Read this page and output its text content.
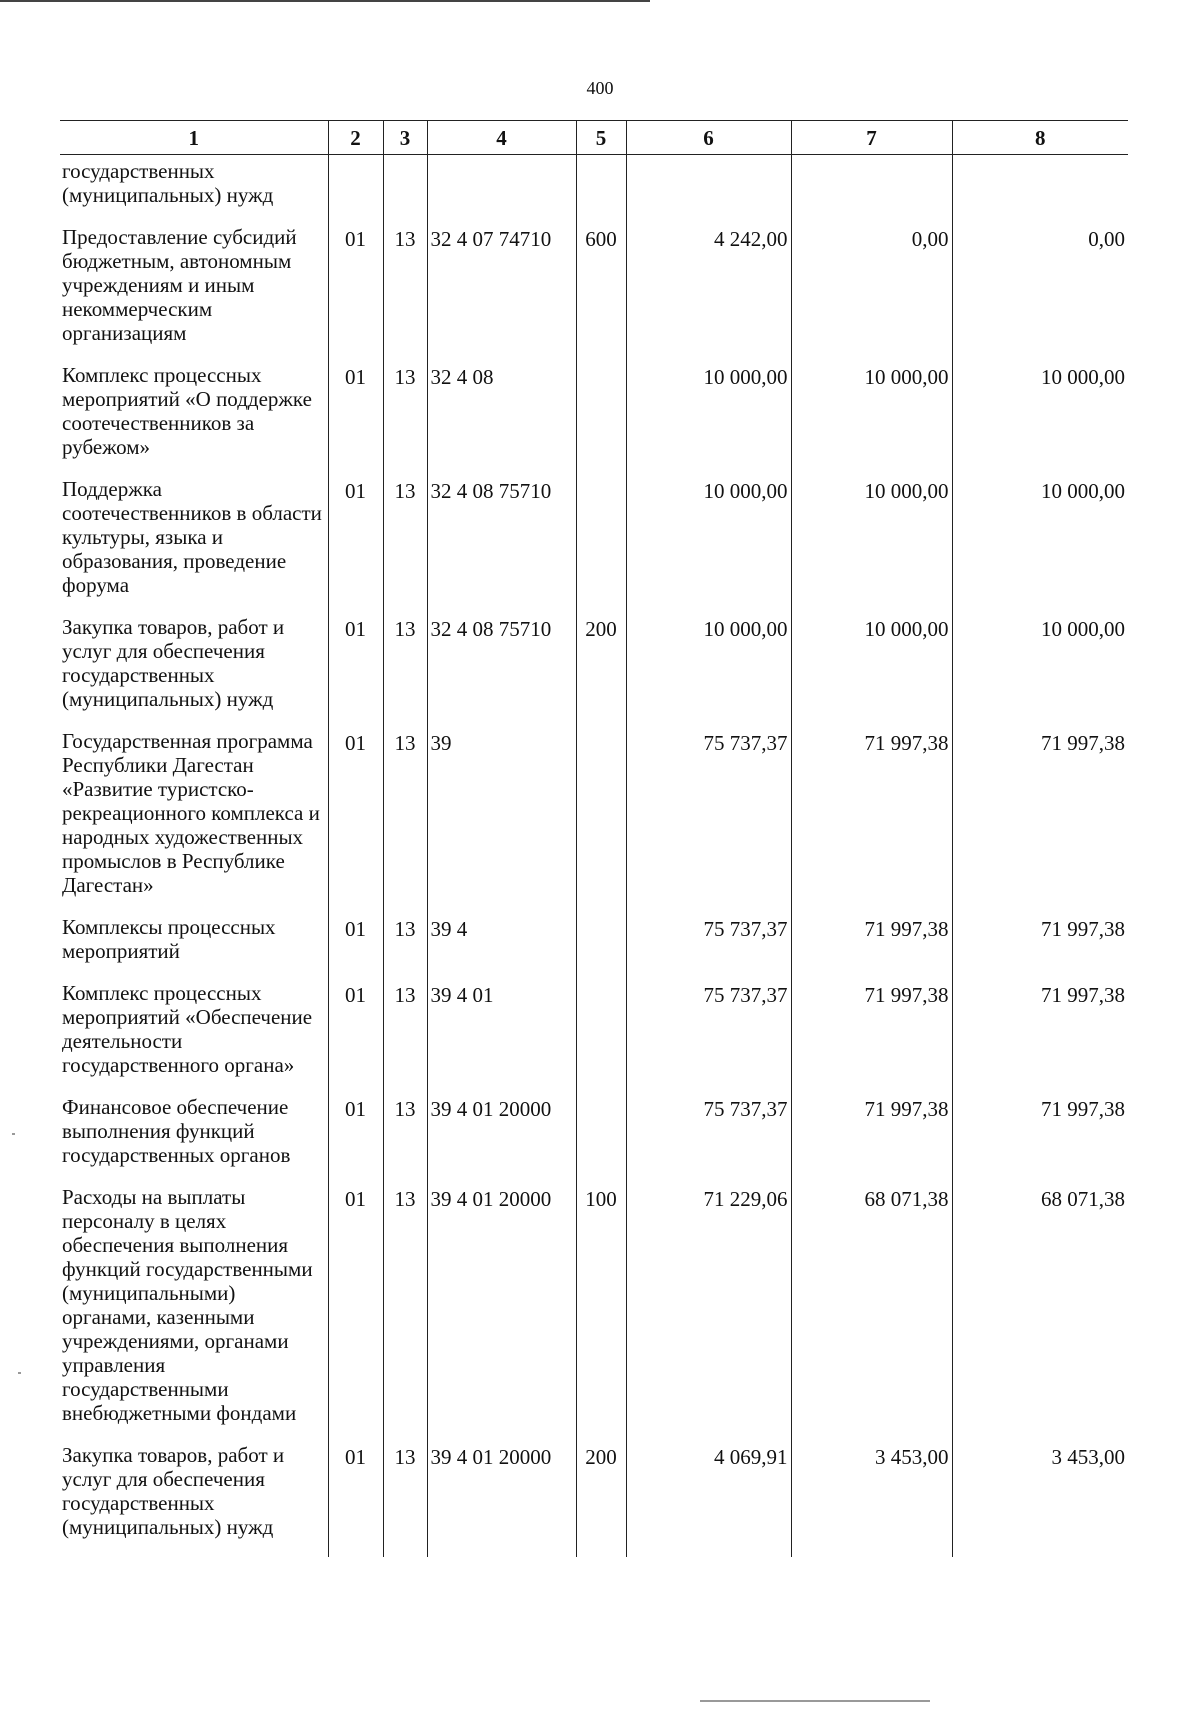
400
1	2	3	4	5	6	7	8
государственных (муниципальных) нужд							
Предоставление субсидий бюджетным, автономным учреждениям и иным некоммерческим организациям	01	13	32 4 07 74710	600	4 242,00	0,00	0,00
Комплекс процессных мероприятий «О поддержке соотечественников за рубежом»	01	13	32 4 08		10 000,00	10 000,00	10 000,00
Поддержка соотечественников в области культуры, языка и образования, проведение форума	01	13	32 4 08 75710		10 000,00	10 000,00	10 000,00
Закупка товаров, работ и услуг для обеспечения государственных (муниципальных) нужд	01	13	32 4 08 75710	200	10 000,00	10 000,00	10 000,00
Государственная программа Республики Дагестан «Развитие туристско-рекреационного комплекса и народных художественных промыслов в Республике Дагестан»	01	13	39		75 737,37	71 997,38	71 997,38
Комплексы процессных мероприятий	01	13	39 4		75 737,37	71 997,38	71 997,38
Комплекс процессных мероприятий «Обеспечение деятельности государственного органа»	01	13	39 4 01		75 737,37	71 997,38	71 997,38
Финансовое обеспечение выполнения функций государственных органов	01	13	39 4 01 20000		75 737,37	71 997,38	71 997,38
Расходы на выплаты персоналу в целях обеспечения выполнения функций государственными (муниципальными) органами, казенными учреждениями, органами управления государственными внебюджетными фондами	01	13	39 4 01 20000	100	71 229,06	68 071,38	68 071,38
Закупка товаров, работ и услуг для обеспечения государственных (муниципальных) нужд	01	13	39 4 01 20000	200	4 069,91	3 453,00	3 453,00
